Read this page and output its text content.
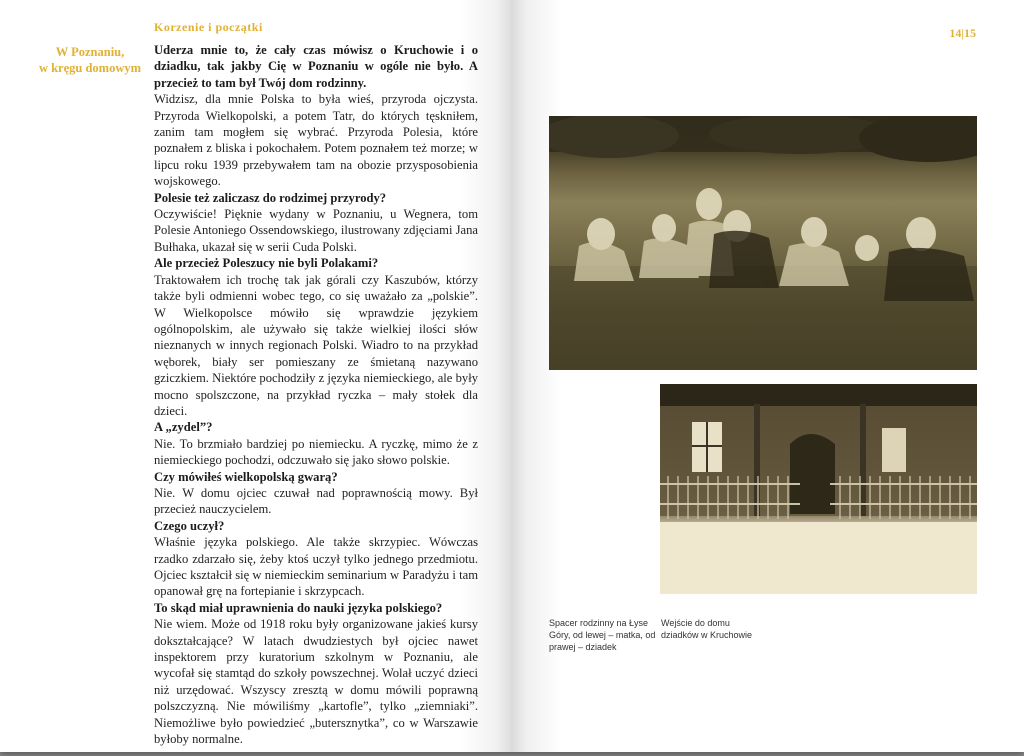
Korzenie i początki
W Poznaniu,
w kręgu domowym

Uderza mnie to, że cały czas mówisz o Kruchowie i o dziadku, tak jakby Cię w Poznaniu w ogóle nie było. A przecież to tam był Twój dom rodzinny.

Widzisz, dla mnie Polska to była wieś, przyroda ojczysta. Przyroda Wielkopolski, a potem Tatr, do których tęskniłem, zanim tam mogłem się wybrać. Przyroda Polesia, które poznałem z bliska i pokochałem. Potem poznałem też morze; w lipcu roku 1939 przebywałem tam na obozie przysposobienia wojskowego.

Polesie też zaliczasz do rodzimej przyrody?

Oczywiście! Pięknie wydany w Poznaniu, u Wegnera, tom Polesie Antoniego Ossendowskiego, ilustrowany zdjęciami Jana Bułhaka, ukazał się w serii Cuda Polski.

Ale przecież Poleszucy nie byli Polakami?

Traktowałem ich trochę tak jak górali czy Kaszubów, którzy także byli odmienni wobec tego, co się uważało za „polskie”. W Wielkopolsce mówiło się wprawdzie językiem ogólnopolskim, ale używało się także wielkiej ilości słów nieznanych w innych regionach Polski. Wiadro to na przykład węborek, biały ser pomieszany ze śmietaną nazywano gziczkiem. Niektóre pochodziły z języka niemieckiego, ale były mocno spolszczone, na przykład ryczka – mały stołek dla dzieci.

A „zydel”?

Nie. To brzmiało bardziej po niemiecku. A ryczkę, mimo że z niemieckiego pochodzi, odczuwało się jako słowo polskie.

Czy mówiłeś wielkopolską gwarą?

Nie. W domu ojciec czuwał nad poprawnością mowy. Był przecież nauczycielem.

Czego uczył?

Właśnie języka polskiego. Ale także skrzypiec. Wówczas rzadko zdarzało się, żeby ktoś uczył tylko jednego przedmiotu. Ojciec kształcił się w niemieckim seminarium w Paradyżu i tam opanował grę na fortepianie i skrzypcach.

To skąd miał uprawnienia do nauki języka polskiego?

Nie wiem. Może od 1918 roku były organizowane jakieś kursy dokształcające? W latach dwudziestych był ojciec nawet inspektorem przy kuratorium szkolnym w Poznaniu, ale wycofał się stamtąd do szkoły powszechnej. Wolał uczyć dzieci niż urzędować. Wszyscy zresztą w domu mówili poprawną polszczyzną. Nie mówiliśmy „kartofle”, tylko „ziemniaki”. Niemożliwe było powiedzieć „butersznytka”, co w Warszawie byłoby normalne.

14|15
Spacer rodzinny na Łyse Góry, od lewej – matka, od prawej – dziadek
Wejście do domu dziadków w Kruchowie
